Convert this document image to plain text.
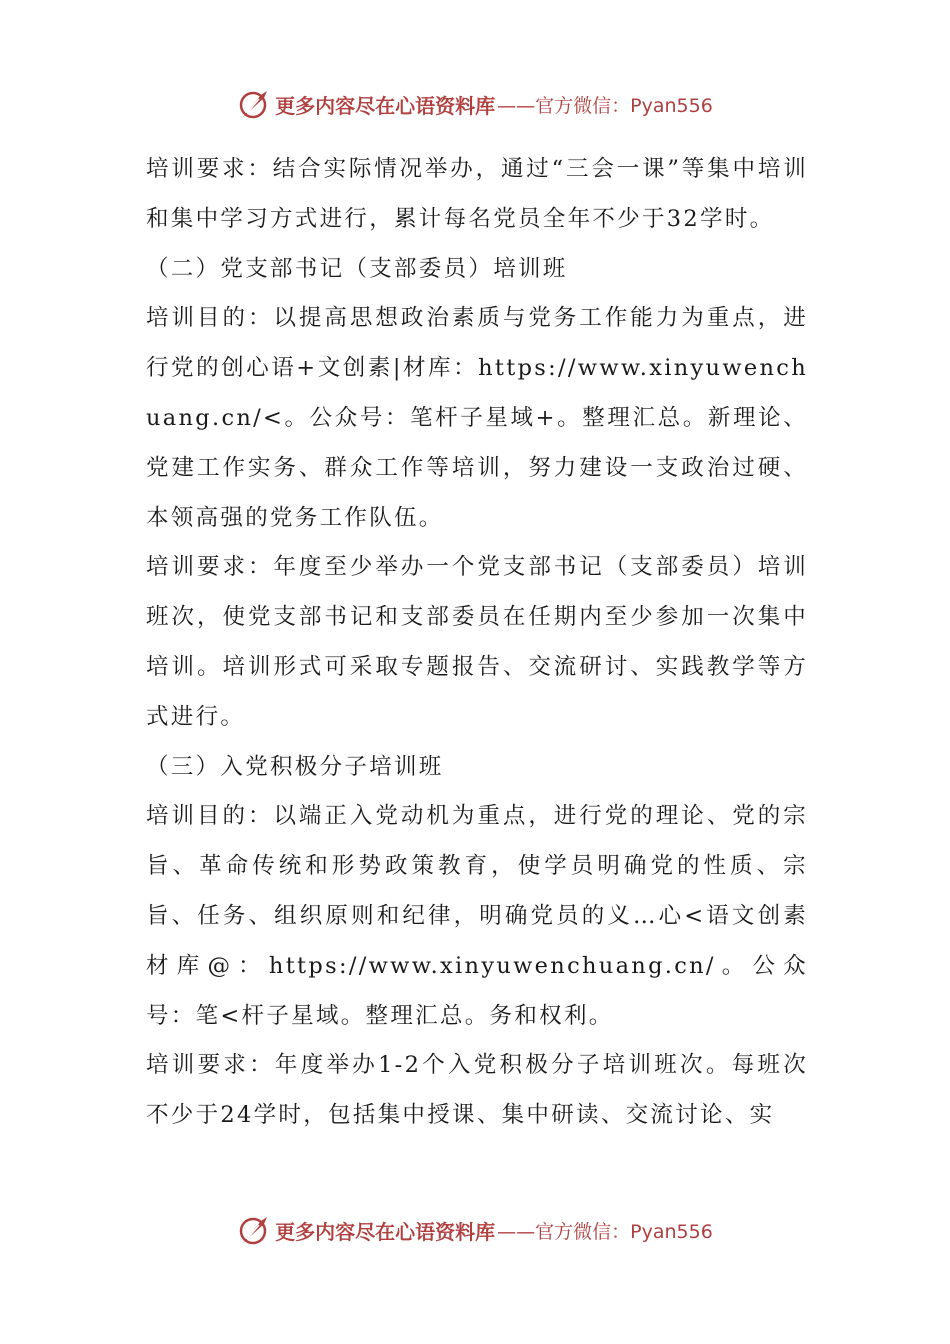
更多内容尽在心语资料库 ——官方微信：Pyan556

培训要求：结合实际情况举办，通过“三会一课”等集中培训和集中学习方式进行，累计每名党员全年不少于32学时。

（二）党支部书记（支部委员）培训班

培训目的：以提高思想政治素质与党务工作能力为重点，进行党的创心语+文创素|材库：https://www.xinyuwenchuang.cn/<。公众号：笔杆子星域+。整理汇总。新理论、党建工作实务、群众工作等培训，努力建设一支政治过硬、本领高强的党务工作队伍。

培训要求：年度至少举办一个党支部书记（支部委员）培训班次，使党支部书记和支部委员在任期内至少参加一次集中培训。培训形式可采取专题报告、交流研讨、实践教学等方式进行。

（三）入党积极分子培训班

培训目的：以端正入党动机为重点，进行党的理论、党的宗旨、革命传统和形势政策教育，使学员明确党的性质、宗旨、任务、组织原则和纪律，明确党员的义…心<语文创素材库@：https://www.xinyuwenchuang.cn/。公众号：笔<杆子星域。整理汇总。务和权利。

培训要求：年度举办1-2个入党积极分子培训班次。每班次不少于24学时，包括集中授课、集中研读、交流讨论、实

更多内容尽在心语资料库 ——官方微信：Pyan556
